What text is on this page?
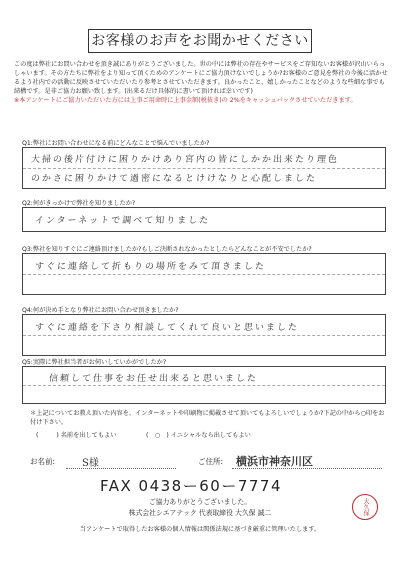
お客様のお声をお聞かせください
この度は弊社にお問い合わせを頂き誠にありがとうございました。世の中には弊社の存在やサービスをご存知ないお客様が沢山いらっしゃいます。その方たちに弊社をより知って頂くためのアンケートにご協力頂けないでしょうか?お客様のご意見を弊社の今後に活かせるよう社内での活動に反映させていただいたり参考とさせていただきます。良かったこと、嬉しかったことなどのような些細な事でも結構です。是非ご協力お願い致します。(出来るだけ具体的に書いて頂ければ幸いです)
※本アンケートにご協力いただいた方には上事ご用命時に上事金額(税抜き)の 2%をキャッシュバックさせていただきます。
Q1:弊社にお問い合わせになる前にどんなことで悩んでいましたか?
大掃の後片付けに困りかけあり宮内の皆にしかか出来たり理色
のかさに困りかけて過密になるとけけなりと心配しました
Q2:何がきっかけで弊社を知りましたか?
インターネットで調べて知りました
Q3:弊社を知りすぐにご連絡頂けましたか?もしご決断されなかったとしたらどんなことが不安でしたか?
すぐに連絡して折もりの場所をみて頂きました
Q4:何が決め手となり弊社にお問い合わせ頂きましたか?
すぐに連絡を下さり相談してくれて良いと思いました
Q5:実際に弊社担当者がお伺いしていかがでしたか?
信頼して仕事をお任せ出来ると思いました
＊上記についてお教え頂いた内容を、インターネットや印刷物に掲載させて頂いてもよろしいでしょうか?下記の中から○印をお付け下さい。
(  ) 名前を出してもよい	( ○ ) イニシャルなら出してもよい
お名前:	S様	ご住所: 横浜市神奈川区
FAX 0438ー60ー7774
ご協力ありがとうございました。
株式会社シエアテック 代表取締役 大久保 誠二	大久保
当アンケートで取得したお客様の個人情報は関係法規に基づき厳重に管理いたします。
